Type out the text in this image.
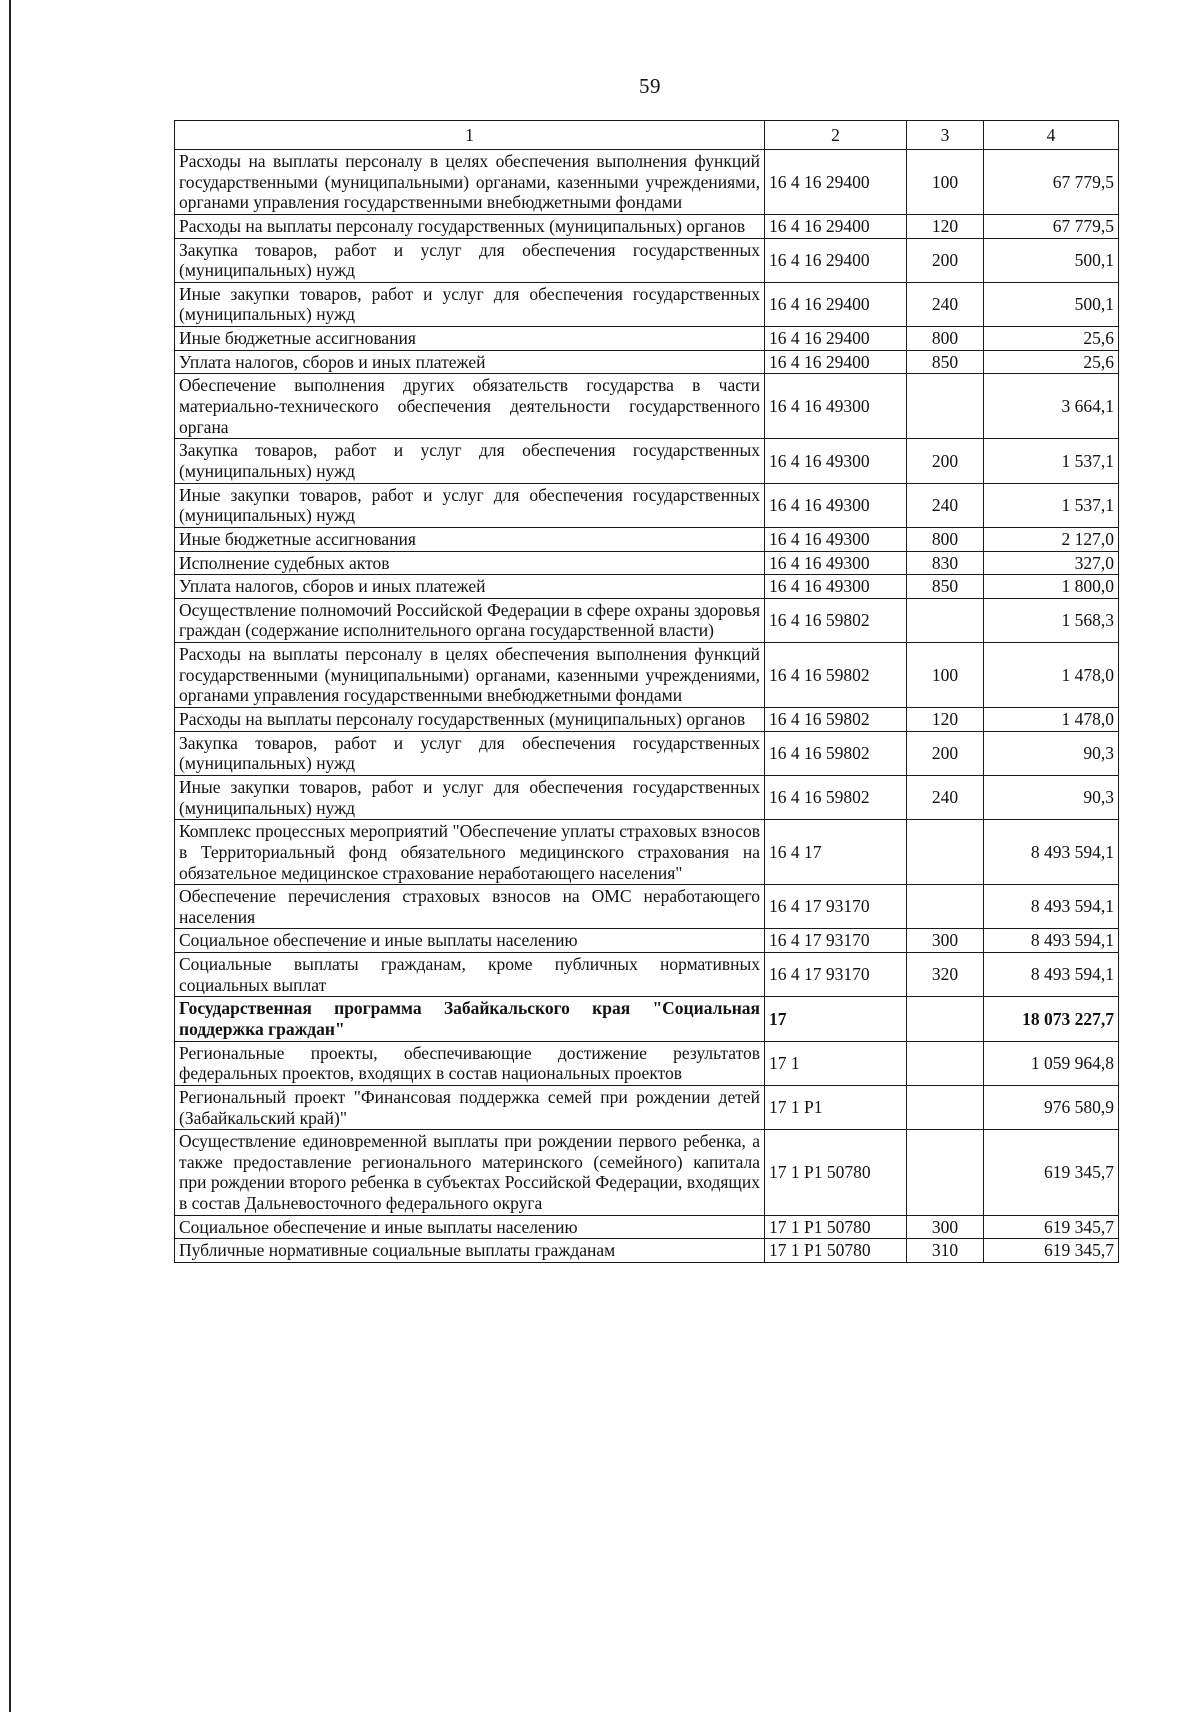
59
1	2	3	4
Расходы на выплаты персоналу в целях обеспечения выполнения функций государственными (муниципальными) органами, казенными учреждениями, органами управления государственными внебюджетными фондами	16 4 16 29400	100	67 779,5
Расходы на выплаты персоналу государственных (муниципальных) органов	16 4 16 29400	120	67 779,5
Закупка товаров, работ и услуг для обеспечения государственных (муниципальных) нужд	16 4 16 29400	200	500,1
Иные закупки товаров, работ и услуг для обеспечения государственных (муниципальных) нужд	16 4 16 29400	240	500,1
Иные бюджетные ассигнования	16 4 16 29400	800	25,6
Уплата налогов, сборов и иных платежей	16 4 16 29400	850	25,6
Обеспечение выполнения других обязательств государства в части материально-технического обеспечения деятельности государственного органа	16 4 16 49300		3 664,1
Закупка товаров, работ и услуг для обеспечения государственных (муниципальных) нужд	16 4 16 49300	200	1 537,1
Иные закупки товаров, работ и услуг для обеспечения государственных (муниципальных) нужд	16 4 16 49300	240	1 537,1
Иные бюджетные ассигнования	16 4 16 49300	800	2 127,0
Исполнение судебных актов	16 4 16 49300	830	327,0
Уплата налогов, сборов и иных платежей	16 4 16 49300	850	1 800,0
Осуществление полномочий Российской Федерации в сфере охраны здоровья граждан (содержание исполнительного органа государственной власти)	16 4 16 59802		1 568,3
Расходы на выплаты персоналу в целях обеспечения выполнения функций государственными (муниципальными) органами, казенными учреждениями, органами управления государственными внебюджетными фондами	16 4 16 59802	100	1 478,0
Расходы на выплаты персоналу государственных (муниципальных) органов	16 4 16 59802	120	1 478,0
Закупка товаров, работ и услуг для обеспечения государственных (муниципальных) нужд	16 4 16 59802	200	90,3
Иные закупки товаров, работ и услуг для обеспечения государственных (муниципальных) нужд	16 4 16 59802	240	90,3
Комплекс процессных мероприятий "Обеспечение уплаты страховых взносов в Территориальный фонд обязательного медицинского страхования на обязательное медицинское страхование неработающего населения"	16 4 17		8 493 594,1
Обеспечение перечисления страховых взносов на ОМС неработающего населения	16 4 17 93170		8 493 594,1
Социальное обеспечение и иные выплаты населению	16 4 17 93170	300	8 493 594,1
Социальные выплаты гражданам, кроме публичных нормативных социальных выплат	16 4 17 93170	320	8 493 594,1
Государственная программа Забайкальского края "Социальная поддержка граждан"	17		18 073 227,7
Региональные проекты, обеспечивающие достижение результатов федеральных проектов, входящих в состав национальных проектов	17 1		1 059 964,8
Региональный проект "Финансовая поддержка семей при рождении детей (Забайкальский край)"	17 1 Р1		976 580,9
Осуществление единовременной выплаты при рождении первого ребенка, а также предоставление регионального материнского (семейного) капитала при рождении второго ребенка в субъектах Российской Федерации, входящих в состав Дальневосточного федерального округа	17 1 Р1 50780		619 345,7
Социальное обеспечение и иные выплаты населению	17 1 Р1 50780	300	619 345,7
Публичные нормативные социальные выплаты гражданам	17 1 Р1 50780	310	619 345,7
